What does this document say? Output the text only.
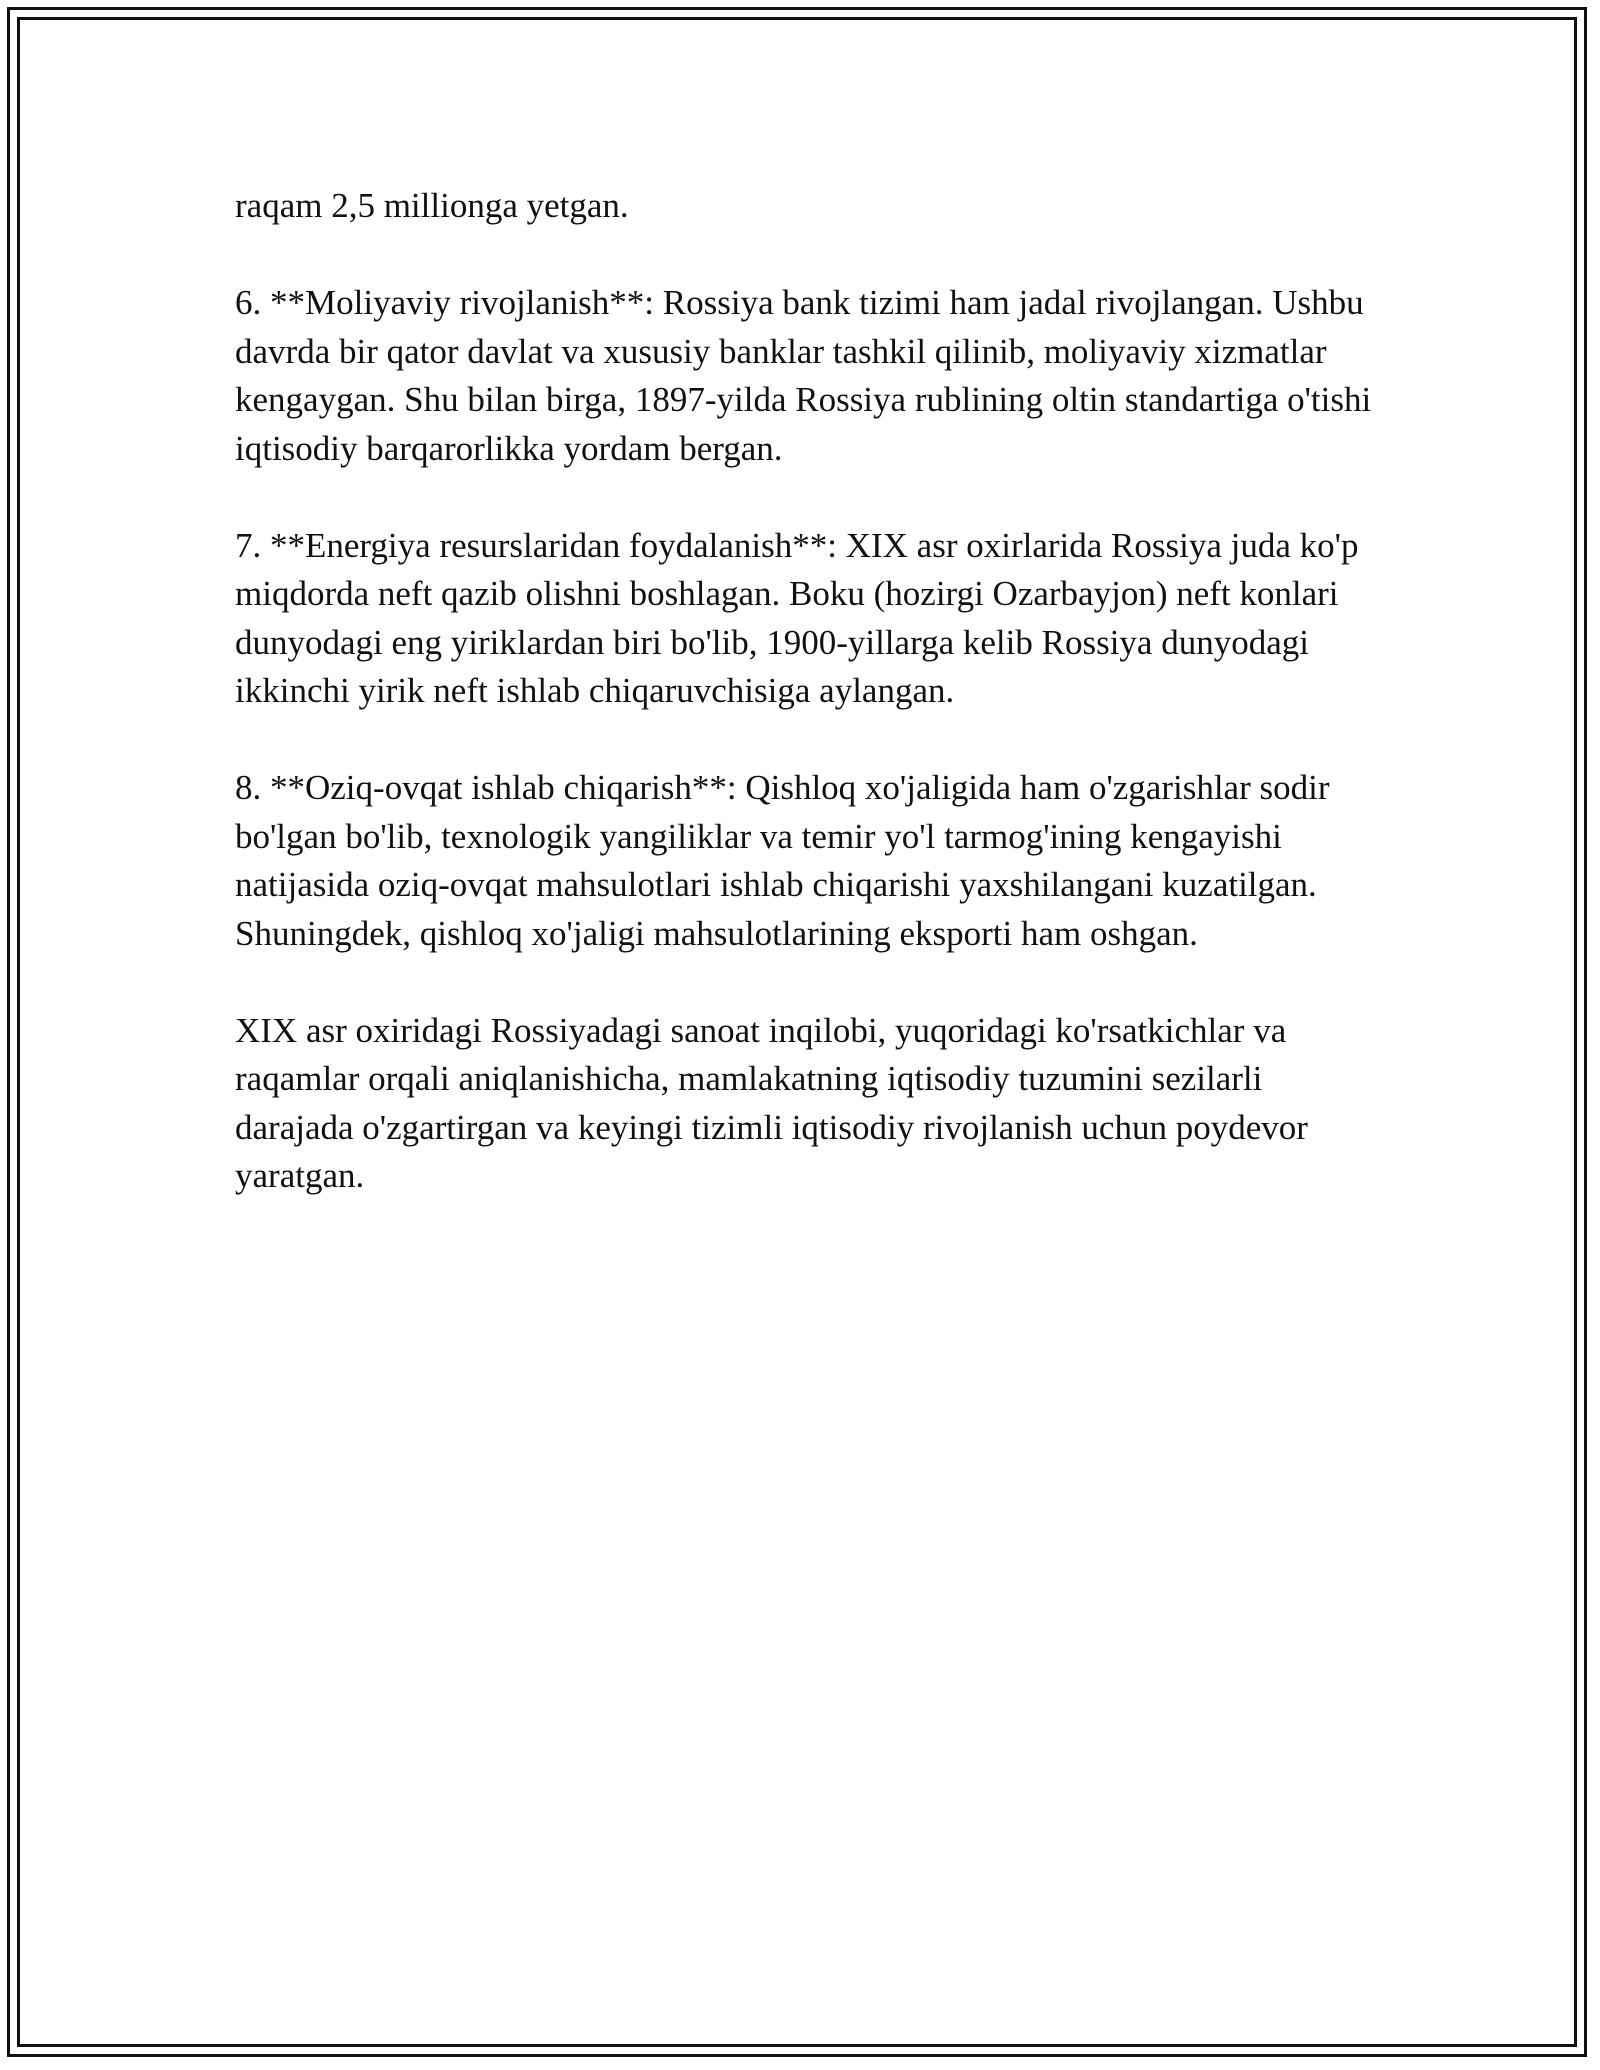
raqam 2,5 millionga yetgan.

6. **Moliyaviy rivojlanish**: Rossiya bank tizimi ham jadal rivojlangan. Ushbu davrda bir qator davlat va xususiy banklar tashkil qilinib, moliyaviy xizmatlar kengaygan. Shu bilan birga, 1897-yilda Rossiya rublining oltin standartiga o'tishi iqtisodiy barqarorlikka yordam bergan.

7. **Energiya resurslaridan foydalanish**: XIX asr oxirlarida Rossiya juda ko'p miqdorda neft qazib olishni boshlagan. Boku (hozirgi Ozarbayjon) neft konlari dunyodagi eng yiriklardan biri bo'lib, 1900-yillarga kelib Rossiya dunyodagi ikkinchi yirik neft ishlab chiqaruvchisiga aylangan.

8. **Oziq-ovqat ishlab chiqarish**: Qishloq xo'jaligida ham o'zgarishlar sodir bo'lgan bo'lib, texnologik yangiliklar va temir yo'l tarmog'ining kengayishi natijasida oziq-ovqat mahsulotlari ishlab chiqarishi yaxshilangani kuzatilgan. Shuningdek, qishloq xo'jaligi mahsulotlarining eksporti ham oshgan.

XIX asr oxiridagi Rossiyadagi sanoat inqilobi, yuqoridagi ko'rsatkichlar va raqamlar orqali aniqlanishicha, mamlakatning iqtisodiy tuzumini sezilarli darajada o'zgartirgan va keyingi tizimli iqtisodiy rivojlanish uchun poydevor yaratgan.
